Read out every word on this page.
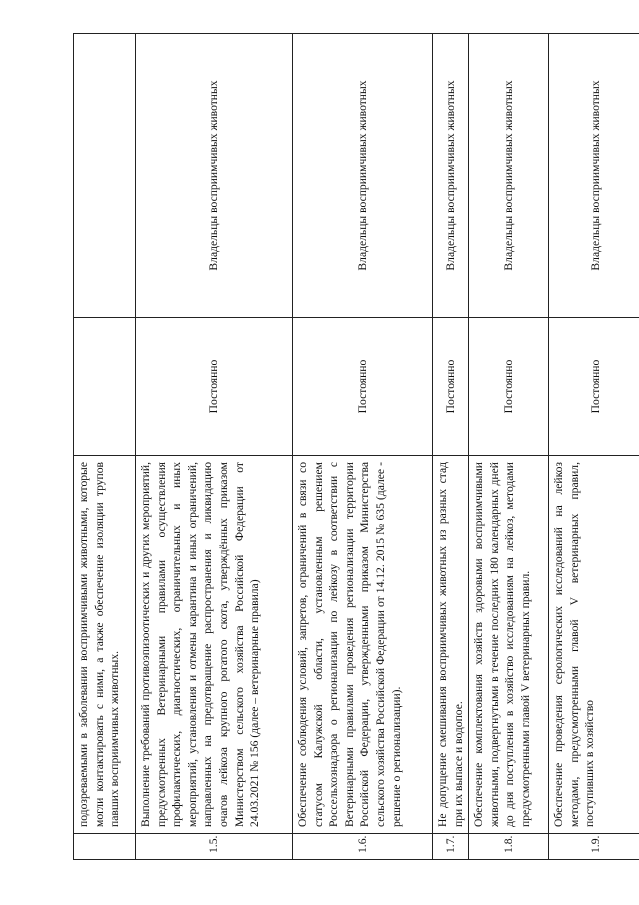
	подозреваемыми в заболевании восприимчивыми животными, которые могли контактировать с ними, а также обеспечение изоляции трупов павших восприимчивых животных.		
1.5.	Выполнение требований противоэпизоотических и других мероприятий, предусмотренных Ветеринарными правилами осуществления профилактических, диагностических, ограничительных и иных мероприятий, установления и отмены карантина и иных ограничений, направленных на предотвращение распространения и ликвидацию очагов лейкоза крупного рогатого скота, утверждённых приказом Министерством сельского хозяйства Российской Федерации от 24.03.2021 № 156 (далее – ветеринарные правила)	Постоянно	Владельцы восприимчивых животных
1.6.	Обеспечение соблюдения условий, запретов, ограничений в связи со статусом Калужской области, установленным решением Россельхознадзора о регионализации по лейкозу в соответствии с Ветеринарными правилами проведения регионализации территории Российской Федерации, утвержденными приказом Министерства сельского хозяйства Российской Федерации от 14.12. 2015 № 635 (далее - решение о регионализации).	Постоянно	Владельцы восприимчивых животных
1.7.	Не допущение смешивания восприимчивых животных из разных стад при их выпасе и водопое.	Постоянно	Владельцы восприимчивых животных
1.8.	Обеспечение комплектования хозяйств здоровыми восприимчивыми животными, подвергнутыми в течение последних 180 календарных дней до дня поступления в хозяйство исследованиям на лейкоз, методами предусмотренными главой V ветеринарных правил.	Постоянно	Владельцы восприимчивых животных
1.9.	Обеспечение проведения серологических исследований на лейкоз методами, предусмотренными главой V ветеринарных правил, поступивших в хозяйство	Постоянно	Владельцы восприимчивых животных
